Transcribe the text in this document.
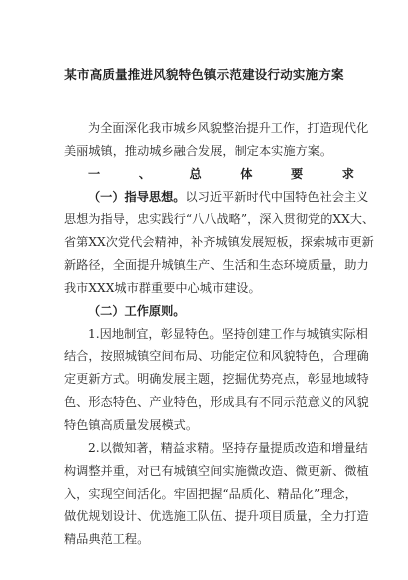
某市高质量推进风貌特色镇示范建设行动实施方案
为全面深化我市城乡风貌整治提升工作，打造现代化
美丽城镇，推动城乡融合发展，制定本实施方案。
一、总体要求
（一）指导思想。以习近平新时代中国特色社会主义
思想为指导，忠实践行“八八战略”，深入贯彻党的XX大、
省第XX次党代会精神，补齐城镇发展短板，探索城市更新
新路径，全面提升城镇生产、生活和生态环境质量，助力
我市XXX城市群重要中心城市建设。
（二）工作原则。
1.因地制宜，彰显特色。坚持创建工作与城镇实际相
结合，按照城镇空间布局、功能定位和风貌特色，合理确
定更新方式。明确发展主题，挖掘优势亮点，彰显地域特
色、形态特色、产业特色，形成具有不同示范意义的风貌
特色镇高质量发展模式。
2.以微知著，精益求精。坚持存量提质改造和增量结
构调整并重，对已有城镇空间实施微改造、微更新、微植
入，实现空间活化。牢固把握“品质化、精品化”理念，
做优规划设计、优选施工队伍、提升项目质量，全力打造
精品典范工程。
